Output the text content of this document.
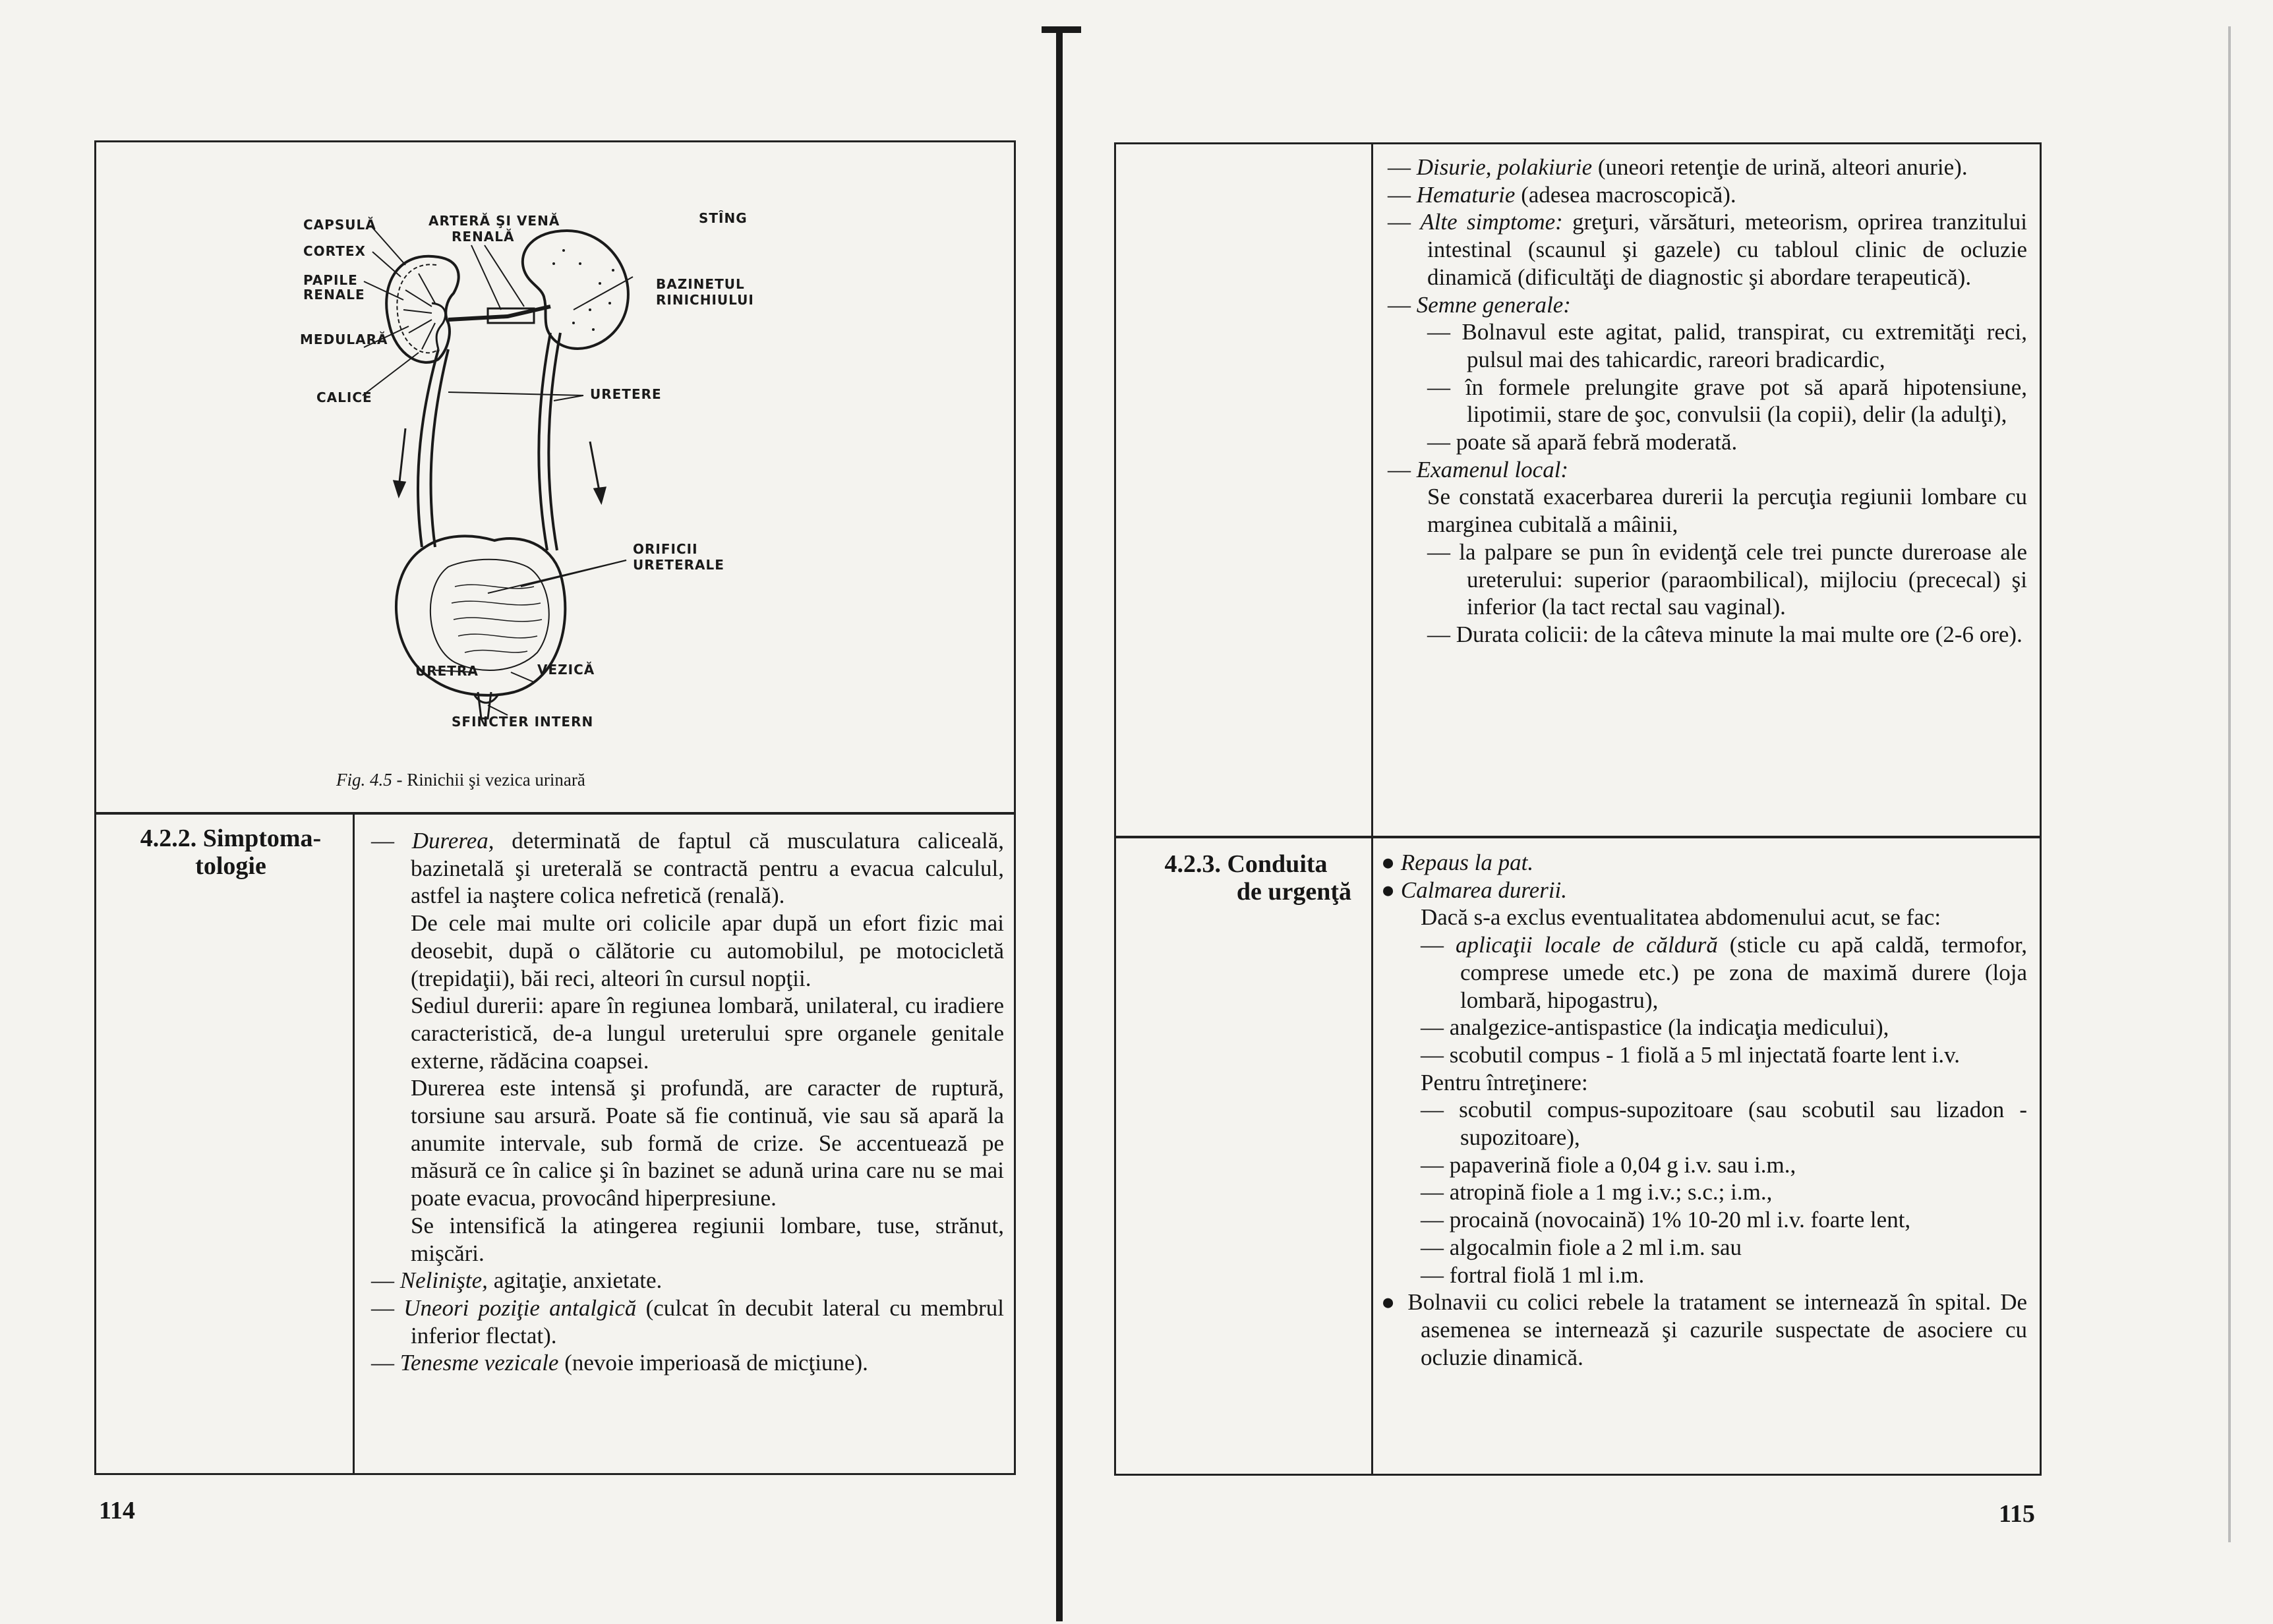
CAPSULĂ
CORTEX
PAPILE
RENALE
MEDULARĂ
CALICE
ARTERĂ ŞI VENĂ
RENALĂ
STÎNG
BAZINETUL
RINICHIULUI
URETERE
ORIFICII
URETERALE
URETRA	VEZICĂ
SFINCTER INTERN
Fig. 4.5 - Rinichii şi vezica urinară
4.2.2. Simptoma-
tologie

— Durerea, determinată de faptul că musculatura caliceală, bazinetală şi ureterală se contractă pentru a evacua calculul, astfel ia naştere colica nefretică (renală).

De cele mai multe ori colicile apar după un efort fizic mai deosebit, după o călătorie cu automobilul, pe motocicletă (trepidaţii), băi reci, alteori în cursul nopţii.

Sediul durerii: apare în regiunea lombară, unilateral, cu iradiere caracteristică, de-a lungul ureterului spre organele genitale externe, rădăcina coapsei.

Durerea este intensă şi profundă, are caracter de ruptură, torsiune sau arsură. Poate să fie continuă, vie sau să apară la anumite intervale, sub formă de crize. Se accentuează pe măsură ce în calice şi în bazinet se adună urina care nu se mai poate evacua, provocând hiperpresiune.

Se intensifică la atingerea regiunii lombare, tuse, strănut, mişcări.

— Nelinişte, agitaţie, anxietate.

— Uneori poziţie antalgică (culcat în decubit lateral cu membrul inferior flectat).

— Tenesme vezicale (nevoie imperioasă de micţiune).

114

— Disurie, polakiurie (uneori retenţie de urină, alteori anurie).

— Hematurie (adesea macroscopică).

— Alte simptome: greţuri, vărsături, meteorism, oprirea tranzitului intestinal (scaunul şi gazele) cu tabloul clinic de ocluzie dinamică (dificultăţi de diagnostic şi abordare terapeutică).

— Semne generale:

— Bolnavul este agitat, palid, transpirat, cu extremităţi reci, pulsul mai des tahicardic, rareori bradicardic,

— în formele prelungite grave pot să apară hipotensiune, lipotimii, stare de şoc, convulsii (la copii), delir (la adulţi),

— poate să apară febră moderată.

— Examenul local:

Se constată exacerbarea durerii la percuţia regiunii lombare cu marginea cubitală a mâinii,

— la palpare se pun în evidenţă cele trei puncte dureroase ale ureterului: superior (paraombilical), mijlociu (prececal) şi inferior (la tact rectal sau vaginal).

— Durata colicii: de la câteva minute la mai multe ore (2-6 ore).

4.2.3. Conduita
de urgenţă

● Repaus la pat.

● Calmarea durerii.

Dacă s-a exclus eventualitatea abdomenului acut, se fac:

— aplicaţii locale de căldură (sticle cu apă caldă, termofor, comprese umede etc.) pe zona de maximă durere (loja lombară, hipogastru),

— analgezice-antispastice (la indicaţia medicului),

— scobutil compus - 1 fiolă a 5 ml injectată foarte lent i.v.

Pentru întreţinere:

— scobutil compus-supozitoare (sau scobutil sau lizadon - supozitoare),

— papaverină fiole a 0,04 g i.v. sau i.m.,

— atropină fiole a 1 mg i.v.; s.c.; i.m.,

— procaină (novocaină) 1% 10-20 ml i.v. foarte lent,

— algocalmin fiole a 2 ml i.m. sau

— fortral fiolă 1 ml i.m.

● Bolnavii cu colici rebele la tratament se internează în spital. De asemenea se internează şi cazurile suspectate de asociere cu ocluzie dinamică.

115
